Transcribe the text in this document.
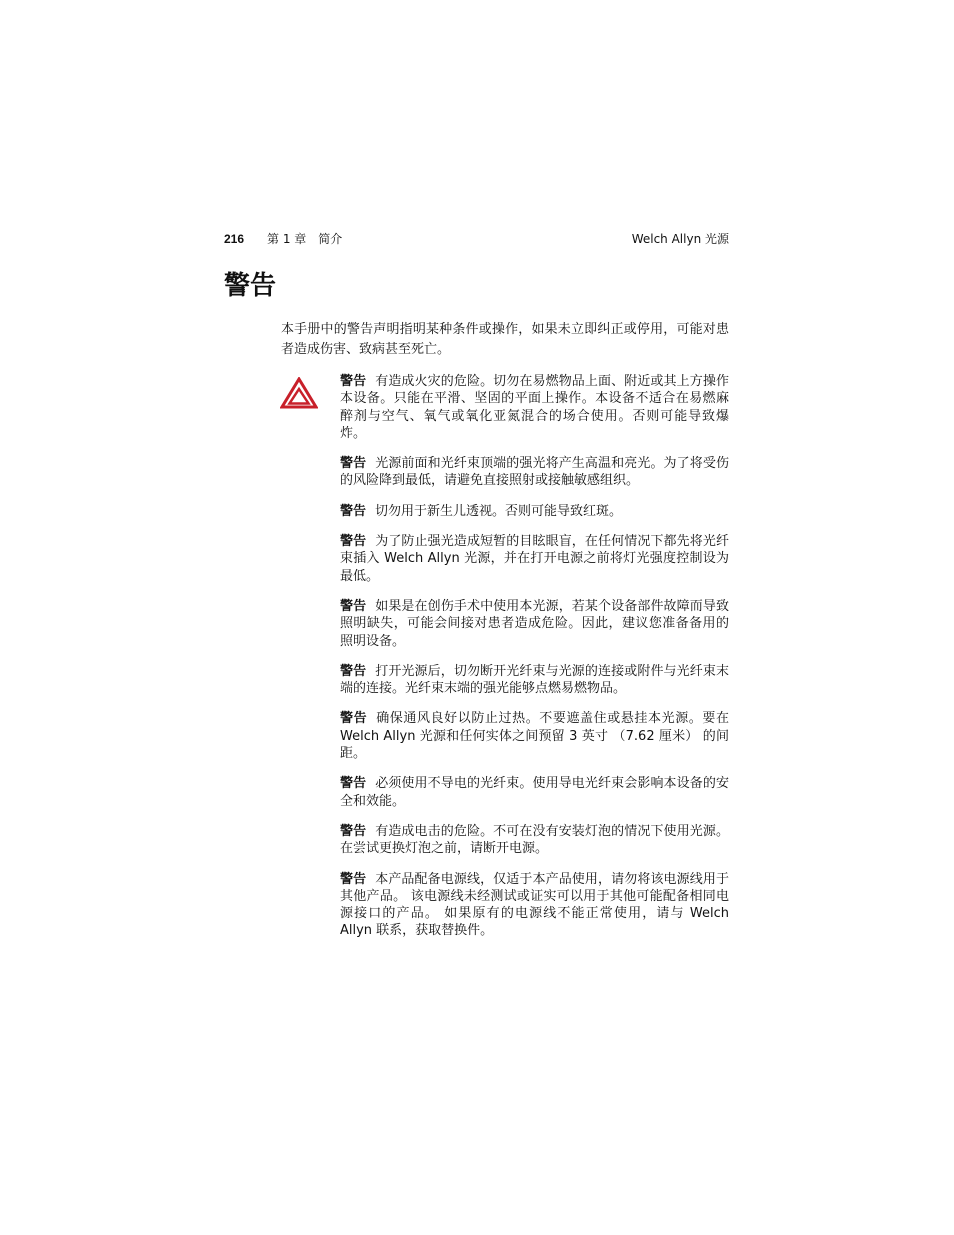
216 第 1 章　简介	Welch Allyn 光源
警告

本手册中的警告声明指明某种条件或操作，如果未立即纠正或停用，可能对患者造成伤害、致病甚至死亡。

警告 有造成火灾的危险。切勿在易燃物品上面、附近或其上方操作本设备。只能在平滑、坚固的平面上操作。本设备不适合在易燃麻醉剂与空气、氧气或氧化亚氮混合的场合使用。否则可能导致爆炸。

警告 光源前面和光纤束顶端的强光将产生高温和亮光。为了将受伤的风险降到最低，请避免直接照射或接触敏感组织。

警告 切勿用于新生儿透视。否则可能导致红斑。

警告 为了防止强光造成短暂的目眩眼盲，在任何情况下都先将光纤束插入 Welch Allyn 光源，并在打开电源之前将灯光强度控制设为最低。

警告 如果是在创伤手术中使用本光源，若某个设备部件故障而导致照明缺失，可能会间接对患者造成危险。因此，建议您准备备用的照明设备。

警告 打开光源后，切勿断开光纤束与光源的连接或附件与光纤束末端的连接。光纤束末端的强光能够点燃易燃物品。

警告 确保通风良好以防止过热。不要遮盖住或悬挂本光源。要在 Welch Allyn 光源和任何实体之间预留 3 英寸 （7.62 厘米） 的间距。

警告 必须使用不导电的光纤束。使用导电光纤束会影响本设备的安全和效能。

警告 有造成电击的危险。不可在没有安装灯泡的情况下使用光源。在尝试更换灯泡之前，请断开电源。

警告 本产品配备电源线，仅适于本产品使用，请勿将该电源线用于其他产品。 该电源线未经测试或证实可以用于其他可能配备相同电源接口的产品。 如果原有的电源线不能正常使用，请与 Welch Allyn 联系，获取替换件。
